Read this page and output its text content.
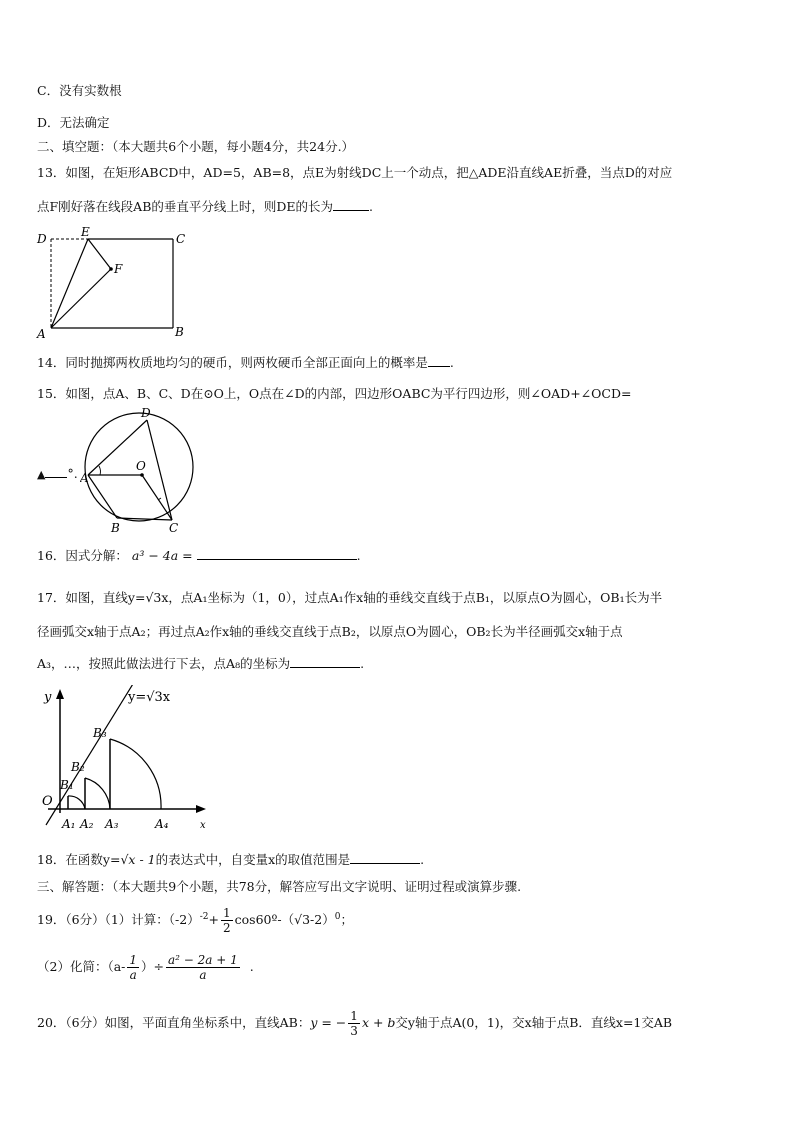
C．没有实数根
D．无法确定
二、填空题：（本大题共6个小题，每小题4分，共24分.）
13．如图，在矩形ABCD中，AD=5，AB=8，点E为射线DC上一个动点，把△ADE沿直线AE折叠，当点D的对应
点F刚好落在线段AB的垂直平分线上时，则DE的长为	.
D	E	C
F
A	B
14．同时抛掷两枚质地均匀的硬币，则两枚硬币全部正面向上的概率是 .
15．如图，点A、B、C、D在⊙O上，O点在∠D的内部，四边形OABC为平行四边形，则∠OAD+∠OCD=
▲ °.
D
O
A
B	C
16．因式分解： a³ − 4a =	.
17．如图，直线y=√3x，点A₁坐标为（1，0），过点A₁作x轴的垂线交直线于点B₁，以原点O为圆心，OB₁长为半
径画弧交x轴于点A₂；再过点A₂作x轴的垂线交直线于点B₂，以原点O为圆心，OB₂长为半径画弧交x轴于点
A₃，…，按照此做法进行下去，点A₈的坐标为	.
y=√3x
y
O
B₁
B₂
B₃
A₁ A₂ A₃	A₄	x
18．在函数y=√x - 1的表达式中，自变量x的取值范围是	.
三、解答题：（本大题共9个小题，共78分，解答应写出文字说明、证明过程或演算步骤.
19．（6分）（1）计算：$(-2)^{-2}+ \frac{1}{2}$ $\cos 60º-(√3-2)^0$；
（2）化简：（$a- \frac{1}{a}$ ）÷ $\frac{\text{a² − 2a + 1}}{a}$ .
20．（6分）如图，平面直角坐标系中，直线AB：y = − $\frac{1}{3}$ x + b交y轴于点A(0，1)，交x轴于点B．直线x=1交AB
